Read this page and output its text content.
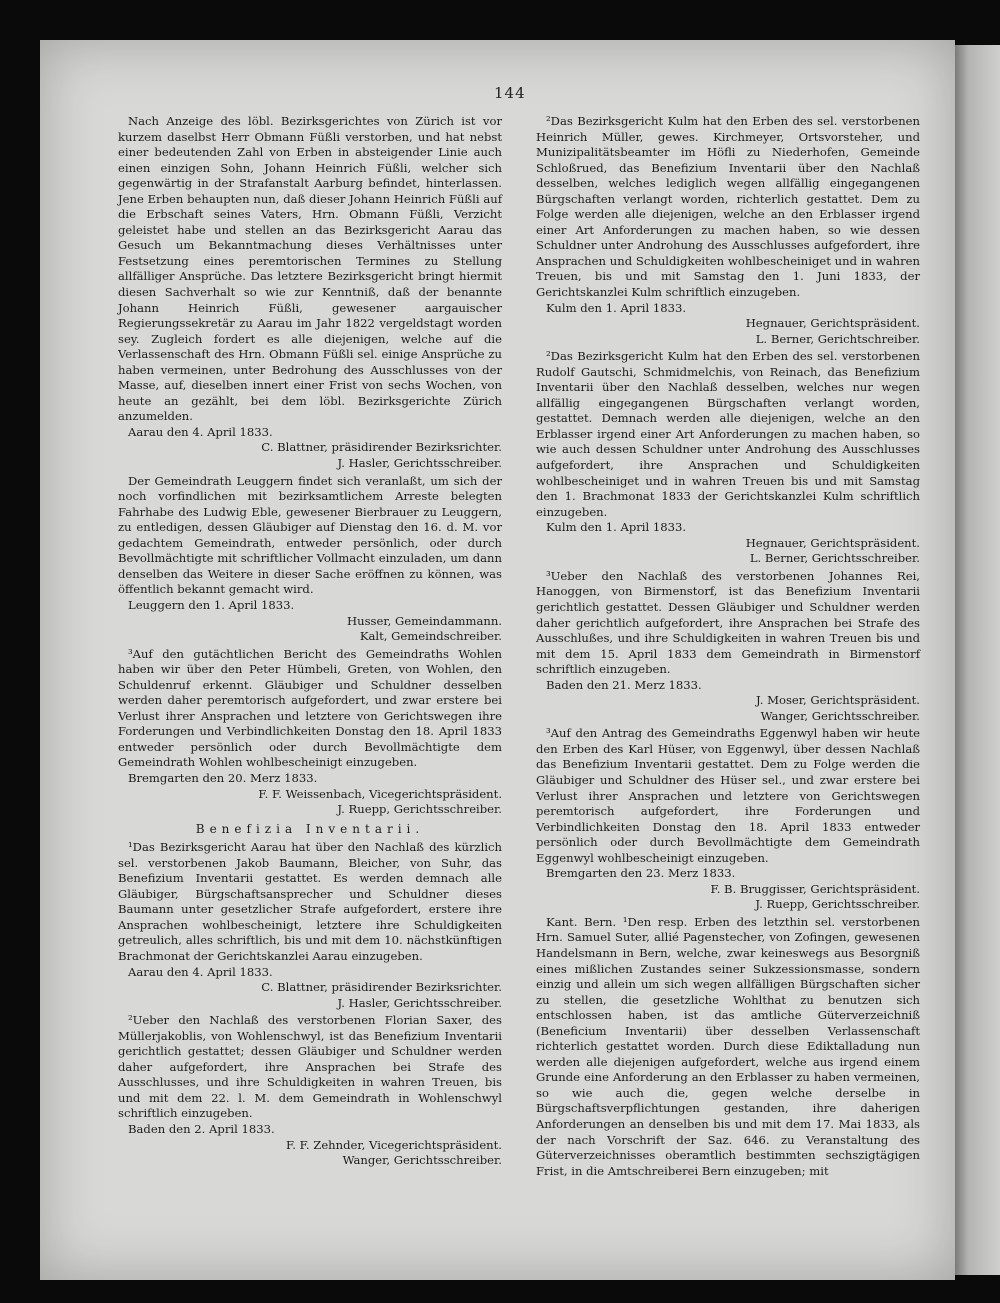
144

Nach Anzeige des löbl. Bezirksgerichtes von Zürich ist vor kurzem daselbst Herr Obmann Füßli verstorben, und hat nebst einer bedeutenden Zahl von Erben in absteigender Linie auch einen einzigen Sohn, Johann Heinrich Füßli, welcher sich gegenwärtig in der Strafanstalt Aarburg befindet, hinterlassen. Jene Erben behaupten nun, daß dieser Johann Heinrich Füßli auf die Erbschaft seines Vaters, Hrn. Obmann Füßli, Verzicht geleistet habe und stellen an das Bezirksgericht Aarau das Gesuch um Bekanntmachung dieses Verhältnisses unter Festsetzung eines peremtorischen Termines zu Stellung allfälliger Ansprüche. Das letztere Bezirksgericht bringt hiermit diesen Sachverhalt so wie zur Kenntniß, daß der benannte Johann Heinrich Füßli, gewesener aargauischer Regierungssekretär zu Aarau im Jahr 1822 vergeldstagt worden sey. Zugleich fordert es alle diejenigen, welche auf die Verlassenschaft des Hrn. Obmann Füßli sel. einige Ansprüche zu haben vermeinen, unter Bedrohung des Ausschlusses von der Masse, auf, dieselben innert einer Frist von sechs Wochen, von heute an gezählt, bei dem löbl. Bezirksgerichte Zürich anzumelden.

Aarau den 4. April 1833.
C. Blattner, präsidirender Bezirksrichter.
J. Hasler, Gerichtsschreiber.

Der Gemeindrath Leuggern findet sich veranlaßt, um sich der noch vorfindlichen mit bezirksamtlichem Arreste belegten Fahrhabe des Ludwig Eble, gewesener Bierbrauer zu Leuggern, zu entledigen, dessen Gläubiger auf Dienstag den 16. d. M. vor gedachtem Gemeindrath, entweder persönlich, oder durch Bevollmächtigte mit schriftlicher Vollmacht einzuladen, um dann denselben das Weitere in dieser Sache eröffnen zu können, was öffentlich bekannt gemacht wird.

Leuggern den 1. April 1833.
Husser, Gemeindammann.
Kalt, Gemeindschreiber.

³Auf den gutächtlichen Bericht des Gemeindraths Wohlen haben wir über den Peter Hümbeli, Greten, von Wohlen, den Schuldenruf erkennt. Gläubiger und Schuldner desselben werden daher peremtorisch aufgefordert, und zwar erstere bei Verlust ihrer Ansprachen und letztere von Gerichtswegen ihre Forderungen und Verbindlichkeiten Donstag den 18. April 1833 entweder persönlich oder durch Bevollmächtigte dem Gemeindrath Wohlen wohlbescheinigt einzugeben.

Bremgarten den 20. Merz 1833.
F. F. Weissenbach, Vicegerichtspräsident.
J. Ruepp, Gerichtsschreiber.
Benefizia Inventarii.

¹Das Bezirksgericht Aarau hat über den Nachlaß des kürzlich sel. verstorbenen Jakob Baumann, Bleicher, von Suhr, das Benefizium Inventarii gestattet. Es werden demnach alle Gläubiger, Bürgschaftsansprecher und Schuldner dieses Baumann unter gesetzlicher Strafe aufgefordert, erstere ihre Ansprachen wohlbescheinigt, letztere ihre Schuldigkeiten getreulich, alles schriftlich, bis und mit dem 10. nächstkünftigen Brachmonat der Gerichtskanzlei Aarau einzugeben.

Aarau den 4. April 1833.
C. Blattner, präsidirender Bezirksrichter.
J. Hasler, Gerichtsschreiber.

²Ueber den Nachlaß des verstorbenen Florian Saxer, des Müllerjakoblis, von Wohlenschwyl, ist das Benefizium Inventarii gerichtlich gestattet; dessen Gläubiger und Schuldner werden daher aufgefordert, ihre Ansprachen bei Strafe des Ausschlusses, und ihre Schuldigkeiten in wahren Treuen, bis und mit dem 22. l. M. dem Gemeindrath in Wohlenschwyl schriftlich einzugeben.

Baden den 2. April 1833.
F. F. Zehnder, Vicegerichtspräsident.
Wanger, Gerichtsschreiber.

²Das Bezirksgericht Kulm hat den Erben des sel. verstorbenen Heinrich Müller, gewes. Kirchmeyer, Ortsvorsteher, und Munizipalitätsbeamter im Höfli zu Niederhofen, Gemeinde Schloßrued, das Benefizium Inventarii über den Nachlaß desselben, welches lediglich wegen allfällig eingegangenen Bürgschaften verlangt worden, richterlich gestattet. Dem zu Folge werden alle diejenigen, welche an den Erblasser irgend einer Art Anforderungen zu machen haben, so wie dessen Schuldner unter Androhung des Ausschlusses aufgefordert, ihre Ansprachen und Schuldigkeiten wohlbescheiniget und in wahren Treuen, bis und mit Samstag den 1. Juni 1833, der Gerichtskanzlei Kulm schriftlich einzugeben.

Kulm den 1. April 1833.
Hegnauer, Gerichtspräsident.
L. Berner, Gerichtschreiber.

²Das Bezirksgericht Kulm hat den Erben des sel. verstorbenen Rudolf Gautschi, Schmidmelchis, von Reinach, das Benefizium Inventarii über den Nachlaß desselben, welches nur wegen allfällig eingegangenen Bürgschaften verlangt worden, gestattet. Demnach werden alle diejenigen, welche an den Erblasser irgend einer Art Anforderungen zu machen haben, so wie auch dessen Schuldner unter Androhung des Ausschlusses aufgefordert, ihre Ansprachen und Schuldigkeiten wohlbescheiniget und in wahren Treuen bis und mit Samstag den 1. Brachmonat 1833 der Gerichtskanzlei Kulm schriftlich einzugeben.

Kulm den 1. April 1833.
Hegnauer, Gerichtspräsident.
L. Berner, Gerichtsschreiber.

³Ueber den Nachlaß des verstorbenen Johannes Rei, Hanoggen, von Birmenstorf, ist das Benefizium Inventarii gerichtlich gestattet. Dessen Gläubiger und Schuldner werden daher gerichtlich aufgefordert, ihre Ansprachen bei Strafe des Ausschlußes, und ihre Schuldigkeiten in wahren Treuen bis und mit dem 15. April 1833 dem Gemeindrath in Birmenstorf schriftlich einzugeben.

Baden den 21. Merz 1833.
J. Moser, Gerichtspräsident.
Wanger, Gerichtsschreiber.

³Auf den Antrag des Gemeindraths Eggenwyl haben wir heute den Erben des Karl Hüser, von Eggenwyl, über dessen Nachlaß das Benefizium Inventarii gestattet. Dem zu Folge werden die Gläubiger und Schuldner des Hüser sel., und zwar erstere bei Verlust ihrer Ansprachen und letztere von Gerichtswegen peremtorisch aufgefordert, ihre Forderungen und Verbindlichkeiten Donstag den 18. April 1833 entweder persönlich oder durch Bevollmächtigte dem Gemeindrath Eggenwyl wohlbescheinigt einzugeben.

Bremgarten den 23. Merz 1833.
F. B. Bruggisser, Gerichtspräsident.
J. Ruepp, Gerichtsschreiber.

Kant. Bern. ¹Den resp. Erben des letzthin sel. verstorbenen Hrn. Samuel Suter, allié Pagenstecher, von Zofingen, gewesenen Handelsmann in Bern, welche, zwar keineswegs aus Besorgniß eines mißlichen Zustandes seiner Sukzessionsmasse, sondern einzig und allein um sich wegen allfälligen Bürgschaften sicher zu stellen, die gesetzliche Wohlthat zu benutzen sich entschlossen haben, ist das amtliche Güterverzeichniß (Beneficium Inventarii) über desselben Verlassenschaft richterlich gestattet worden. Durch diese Ediktalladung nun werden alle diejenigen aufgefordert, welche aus irgend einem Grunde eine Anforderung an den Erblasser zu haben vermeinen, so wie auch die, gegen welche derselbe in Bürgschaftsverpflichtungen gestanden, ihre daherigen Anforderungen an denselben bis und mit dem 17. Mai 1833, als der nach Vorschrift der Saz. 646. zu Veranstaltung des Güterverzeichnisses oberamtlich bestimmten sechszigtägigen Frist, in die Amtschreiberei Bern einzugeben; mit
